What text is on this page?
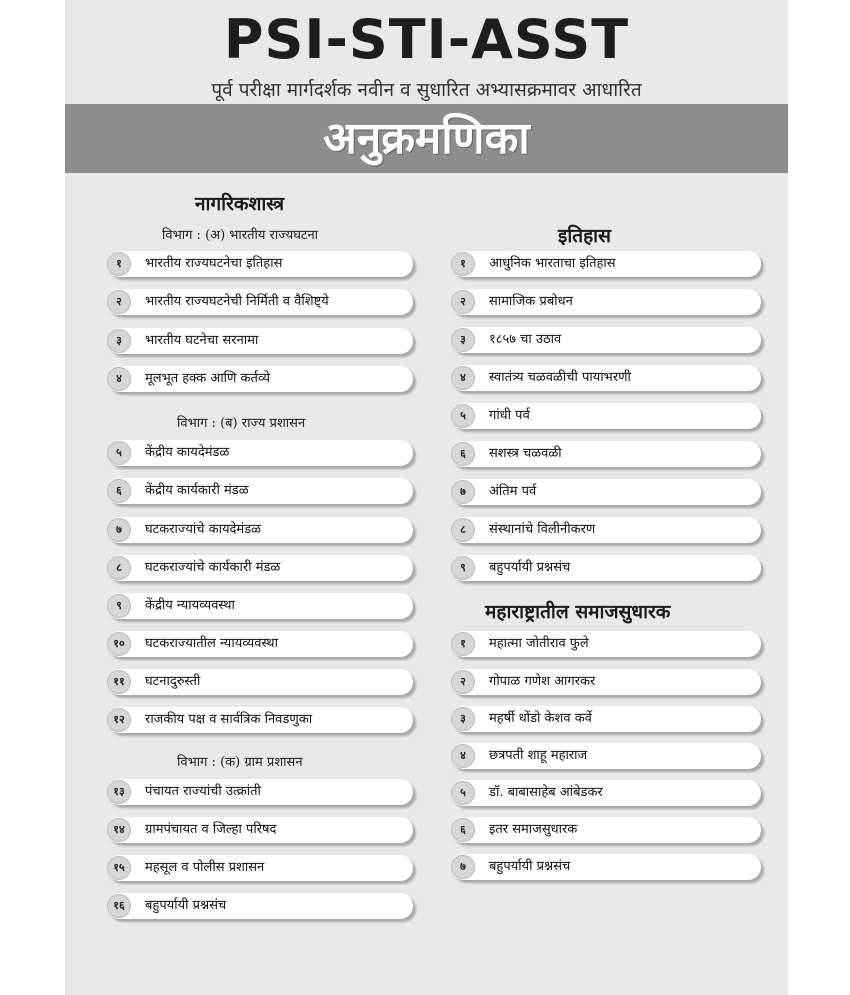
PSI-STI-ASST
पूर्व परीक्षा मार्गदर्शक नवीन व सुधारित अभ्यासक्रमावर आधारित
अनुक्रमणिका
नागरिकशास्त्र
विभाग : (अ) भारतीय राज्यघटना
१	भारतीय राज्यघटनेचा इतिहास
२	भारतीय राज्यघटनेची निर्मिती व वैशिष्ट्ये
३	भारतीय घटनेचा सरनामा
४	मूलभूत हक्क आणि कर्तव्ये
विभाग : (ब) राज्य प्रशासन
५	केंद्रीय कायदेमंडळ
६	केंद्रीय कार्यकारी मंडळ
७	घटकराज्यांचे कायदेमंडळ
८	घटकराज्यांचे कार्यकारी मंडळ
९	केंद्रीय न्यायव्यवस्था
१०	घटकराज्यातील न्यायव्यवस्था
११	घटनादुरुस्ती
१२	राजकीय पक्ष व सार्वत्रिक निवडणुका
विभाग : (क) ग्राम प्रशासन
१३	पंचायत राज्यांची उत्क्रांती
१४	ग्रामपंचायत व जिल्हा परिषद
१५	महसूल व पोलीस प्रशासन
१६	बहुपर्यायी प्रश्नसंच
इतिहास
१	आधुनिक भारताचा इतिहास
२	सामाजिक प्रबोधन
३	१८५७ चा उठाव
४	स्वातंत्र्य चळवळीची पायाभरणी
५	गांधी पर्व
६	सशस्त्र चळवळी
७	अंतिम पर्व
८	संस्थानांचे विलीनीकरण
९	बहुपर्यायी प्रश्नसंच
महाराष्ट्रातील समाजसुधारक
१	महात्मा जोतीराव फुले
२	गोपाळ गणेश आगरकर
३	महर्षी धोंडो केशव कर्वे
४	छत्रपती शाहू महाराज
५	डॉ. बाबासाहेब आंबेडकर
६	इतर समाजसुधारक
७	बहुपर्यायी प्रश्नसंच
